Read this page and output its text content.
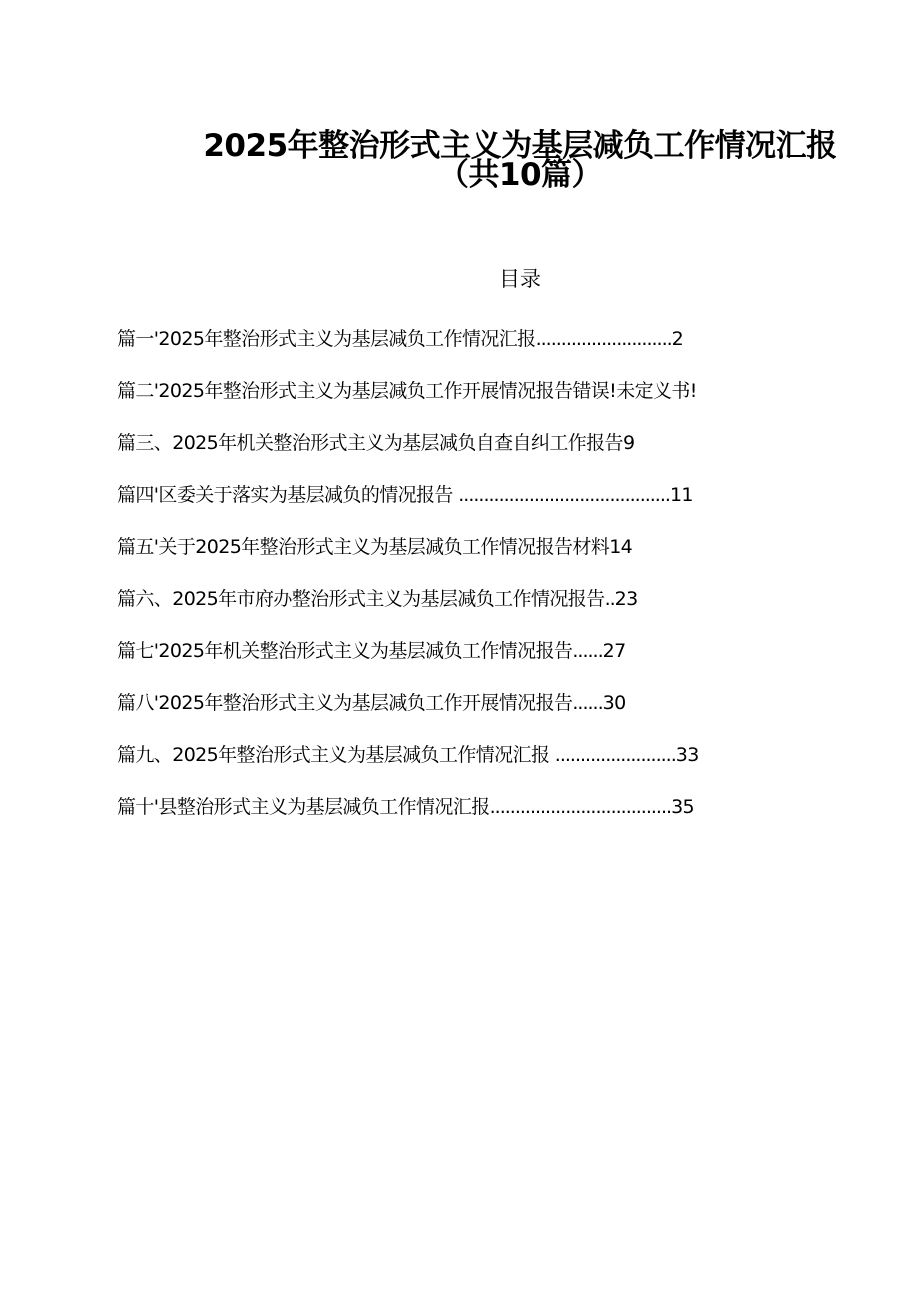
2025年整治形式主义为基层减负工作情况汇报
（共10篇）
目录
篇一'2025年整治形式主义为基层减负工作情况汇报...........................2
篇二'2025年整治形式主义为基层减负工作开展情况报告错误!未定义书!
篇三、2025年机关整治形式主义为基层减负自查自纠工作报告9
篇四'区委关于落实为基层减负的情况报告 ..........................................11
篇五'关于2025年整治形式主义为基层减负工作情况报告材料14
篇六、2025年市府办整治形式主义为基层减负工作情况报告..23
篇七'2025年机关整治形式主义为基层减负工作情况报告......27
篇八'2025年整治形式主义为基层减负工作开展情况报告......30
篇九、2025年整治形式主义为基层减负工作情况汇报 ........................33
篇十'县整治形式主义为基层减负工作情况汇报....................................35
